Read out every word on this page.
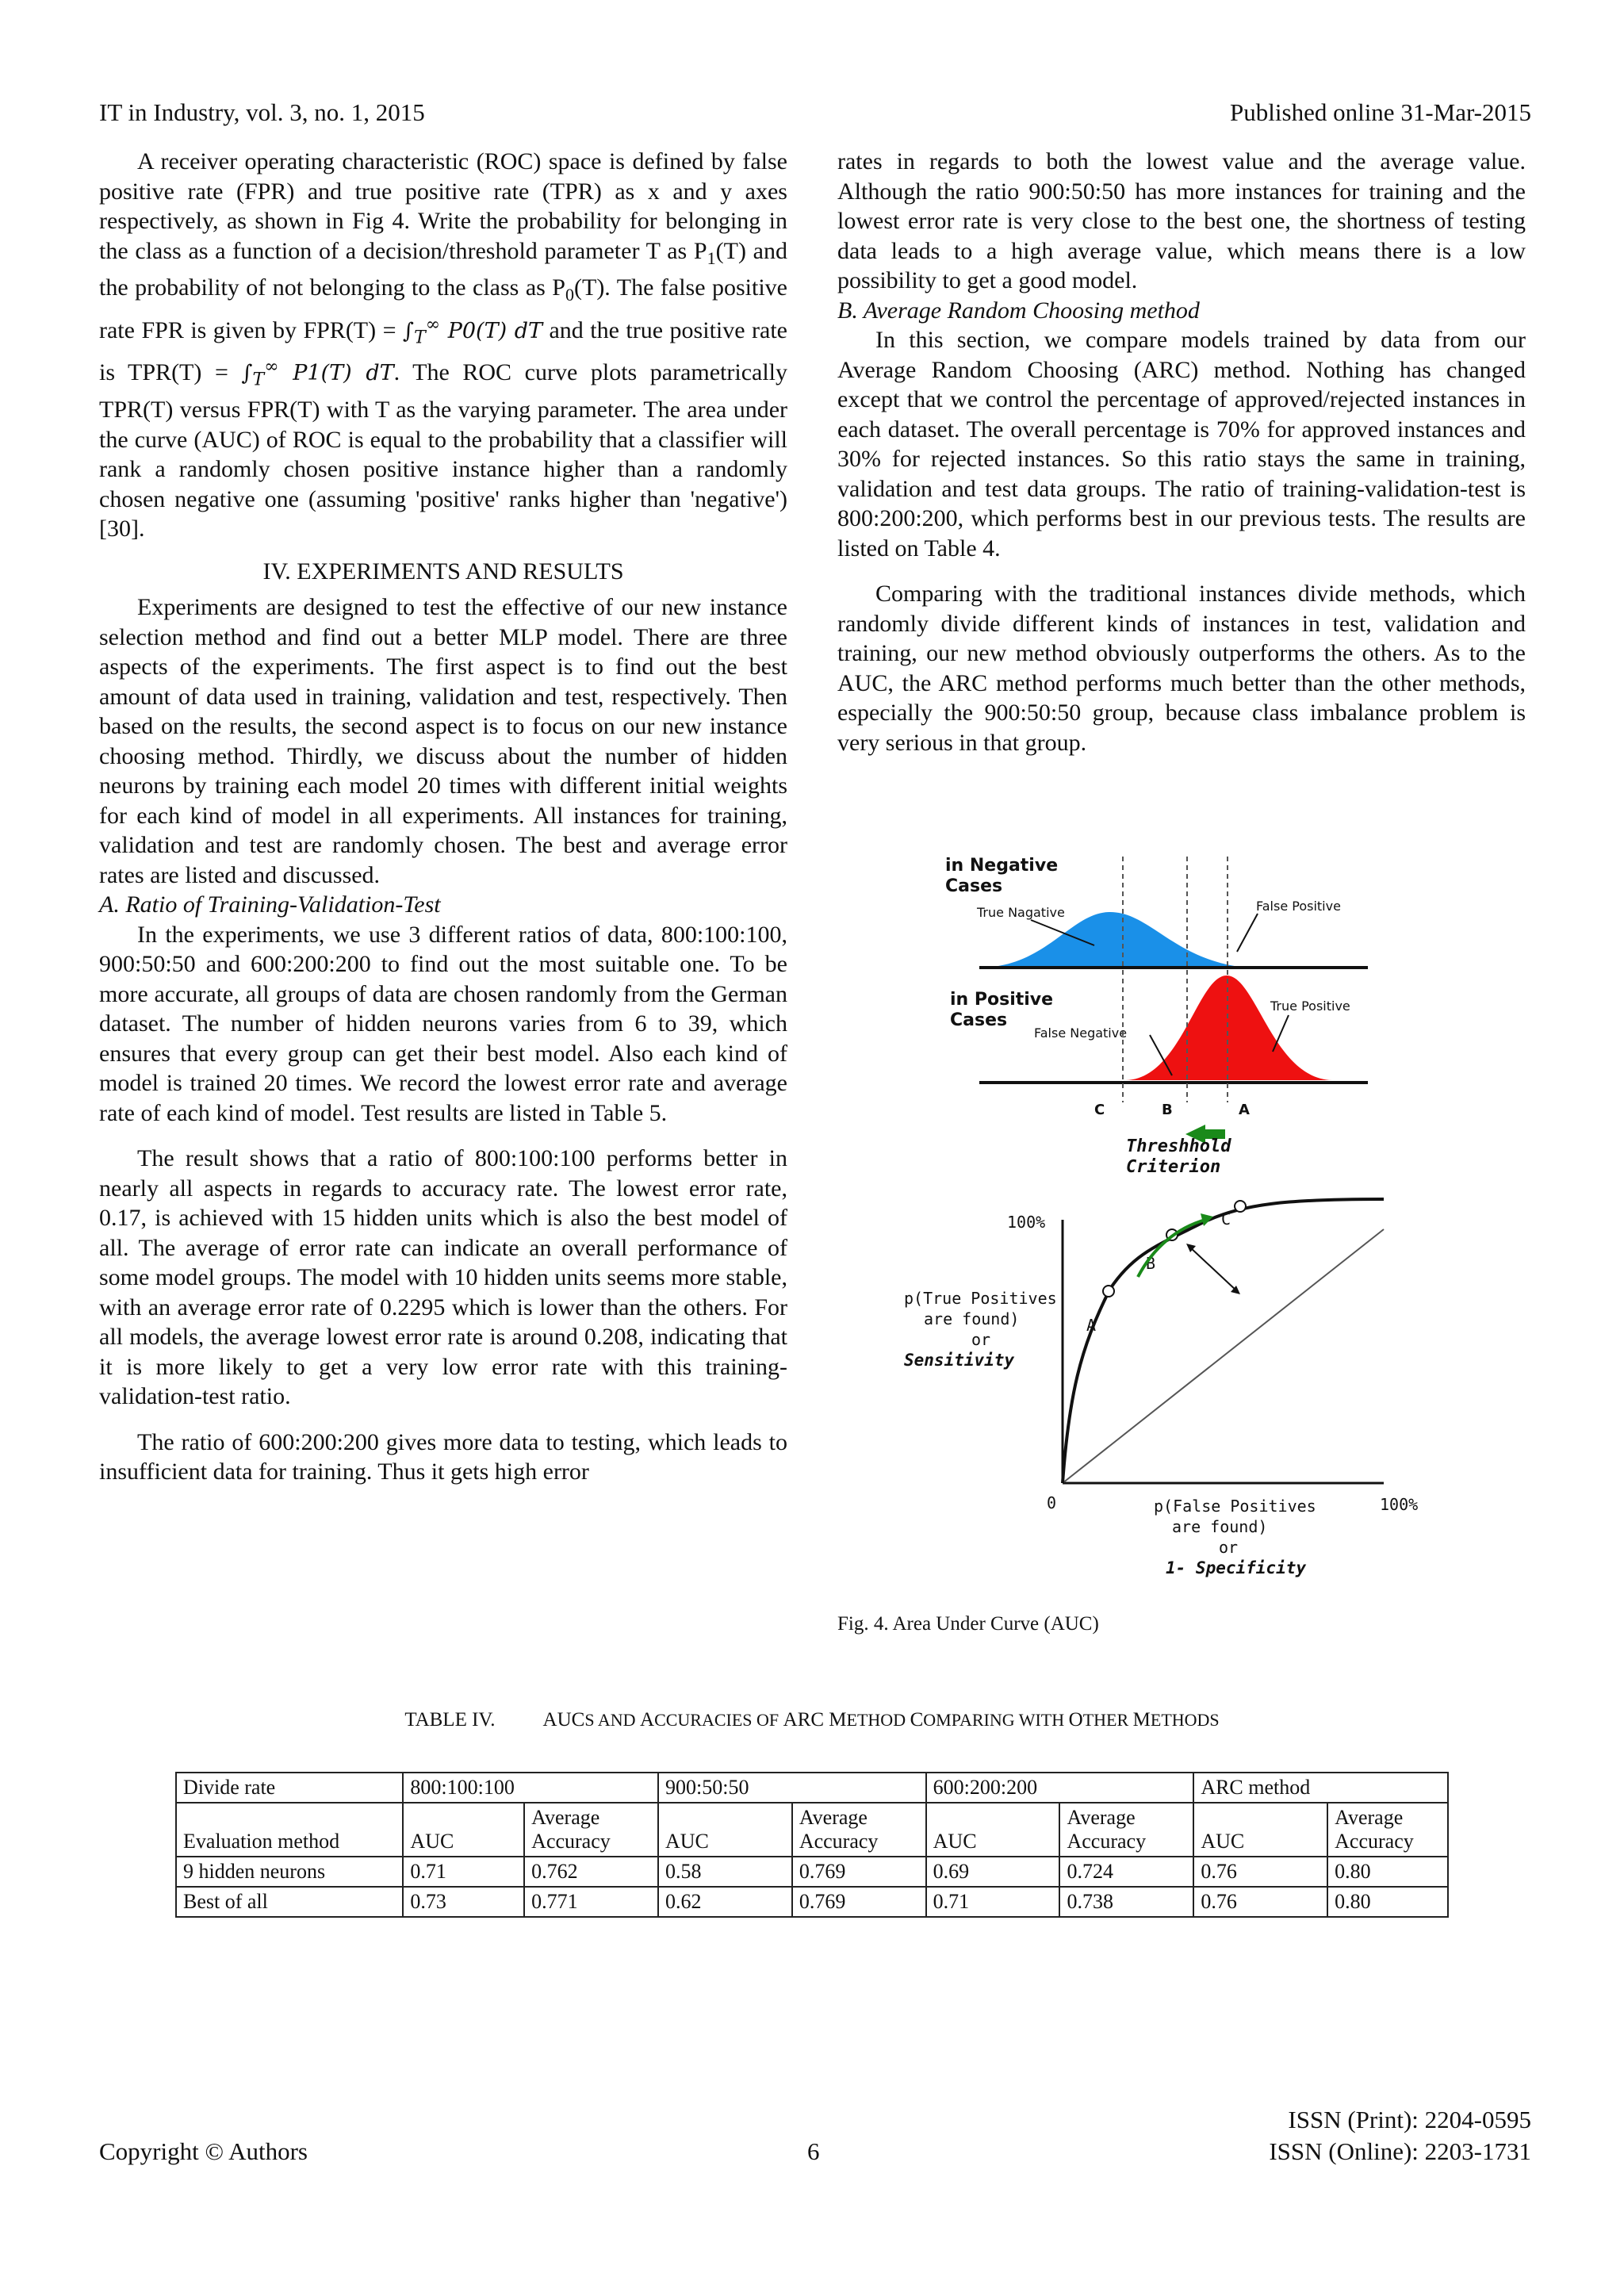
IT in Industry, vol. 3, no. 1, 2015	Published online 31-Mar-2015

A receiver operating characteristic (ROC) space is defined by false positive rate (FPR) and true positive rate (TPR) as x and y axes respectively, as shown in Fig 4. Write the probability for belonging in the class as a function of a decision/threshold parameter T as $P_1(T)$ and the probability of not belonging to the class as $P_0(T)$. The false positive rate FPR is given by $FPR(T) = \int_T^\infty$ P0(T) dT and the true positive rate is $TPR(T) = \int_T^\infty$ P1(T) dT. The ROC curve plots parametrically TPR(T) versus FPR(T) with T as the varying parameter. The area under the curve (AUC) of ROC is equal to the probability that a classifier will rank a randomly chosen positive instance higher than a randomly chosen negative one (assuming 'positive' ranks higher than 'negative') [30].

IV. EXPERIMENTS AND RESULTS

Experiments are designed to test the effective of our new instance selection method and find out a better MLP model. There are three aspects of the experiments. The first aspect is to find out the best amount of data used in training, validation and test, respectively. Then based on the results, the second aspect is to focus on our new instance choosing method. Thirdly, we discuss about the number of hidden neurons by training each model 20 times with different initial weights for each kind of model in all experiments. All instances for training, validation and test are randomly chosen. The best and average error rates are listed and discussed.

A. Ratio of Training-Validation-Test

In the experiments, we use 3 different ratios of data, 800:100:100, 900:50:50 and 600:200:200 to find out the most suitable one. To be more accurate, all groups of data are chosen randomly from the German dataset. The number of hidden neurons varies from 6 to 39, which ensures that every group can get their best model. Also each kind of model is trained 20 times. We record the lowest error rate and average rate of each kind of model. Test results are listed in Table 5.

The result shows that a ratio of 800:100:100 performs better in nearly all aspects in regards to accuracy rate. The lowest error rate, 0.17, is achieved with 15 hidden units which is also the best model of all. The average of error rate can indicate an overall performance of some model groups. The model with 10 hidden units seems more stable, with an average error rate of 0.2295 which is lower than the others. For all models, the average lowest error rate is around 0.208, indicating that it is more likely to get a very low error rate with this training-validation-test ratio.

The ratio of 600:200:200 gives more data to testing, which leads to insufficient data for training. Thus it gets high error

rates in regards to both the lowest value and the average value. Although the ratio 900:50:50 has more instances for training and the lowest error rate is very close to the best one, the shortness of testing data leads to a high average value, which means there is a low possibility to get a good model.

B. Average Random Choosing method

In this section, we compare models trained by data from our Average Random Choosing (ARC) method. Nothing has changed except that we control the percentage of approved/rejected instances in each dataset. The overall percentage is 70% for approved instances and 30% for rejected instances. So this ratio stays the same in training, validation and test data groups. The ratio of training-validation-test is 800:200:200, which performs best in our previous tests. The results are listed on Table 4.

Comparing with the traditional instances divide methods, which randomly divide different kinds of instances in test, validation and training, our new method obviously outperforms the others. As to the AUC, the ARC method performs much better than the other methods, especially the 900:50:50 group, because class imbalance problem is very serious in that group.

in Negative
Cases
in Positive
Cases
True Nagative	False Positive
False Negative
True Positive
C	B	A
Threshhold
Criterion
100%
p(True Positives
are found)
or
0	p(False Positives
are found)
or
100%
A
B
C
Sensitivity
1- Specificity
Fig. 4. Area Under Curve (AUC)
TABLE IV. AUCS AND ACCURACIES OF ARC METHOD COMPARING WITH OTHER METHODS
Divide rate	800:100:100		900:50:50		600:200:200		ARC method	
Evaluation method	AUC	Average Accuracy	AUC	Average Accuracy	AUC	Average Accuracy	AUC	Average Accuracy
9 hidden neurons	0.71	0.762	0.58	0.769	0.69	0.724	0.76	0.80
Best of all	0.73	0.771	0.62	0.769	0.71	0.738	0.76	0.80
Copyright © Authors	6
ISSN (Print): 2204-0595
ISSN (Online): 2203-1731
